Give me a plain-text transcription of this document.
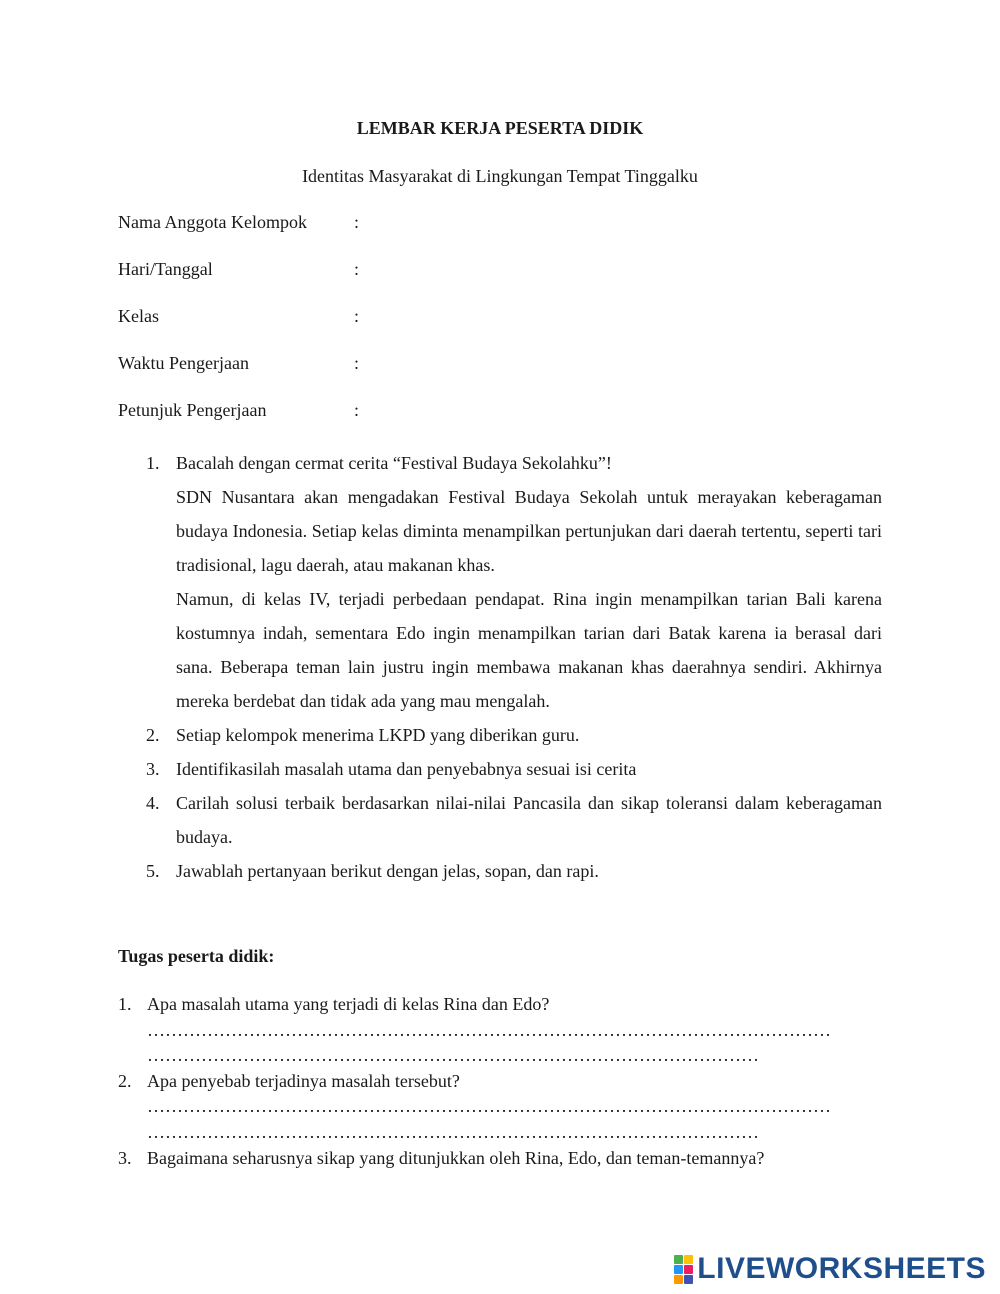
LEMBAR KERJA PESERTA DIDIK
Identitas Masyarakat di Lingkungan Tempat Tinggalku
Nama Anggota Kelompok	:
Hari/Tanggal	:
Kelas	:
Waktu Pengerjaan	:
Petunjuk Pengerjaan	:
1. Bacalah dengan cermat cerita “Festival Budaya Sekolahku”!

SDN Nusantara akan mengadakan Festival Budaya Sekolah untuk merayakan keberagaman budaya Indonesia. Setiap kelas diminta menampilkan pertunjukan dari daerah tertentu, seperti tari tradisional, lagu daerah, atau makanan khas.

Namun, di kelas IV, terjadi perbedaan pendapat. Rina ingin menampilkan tarian Bali karena kostumnya indah, sementara Edo ingin menampilkan tarian dari Batak karena ia berasal dari sana. Beberapa teman lain justru ingin membawa makanan khas daerahnya sendiri. Akhirnya mereka berdebat dan tidak ada yang mau mengalah.

2. Setiap kelompok menerima LKPD yang diberikan guru.

3. Identifikasilah masalah utama dan penyebabnya sesuai isi cerita

4. Carilah solusi terbaik berdasarkan nilai-nilai Pancasila dan sikap toleransi dalam keberagaman budaya.

5. Jawablah pertanyaan berikut dengan jelas, sopan, dan rapi.

Tugas peserta didik:
1. Apa masalah utama yang terjadi di kelas Rina dan Edo?
……………………………………………………………………………………………………
…………………………………………………………………………………………
2. Apa penyebab terjadinya masalah tersebut?
……………………………………………………………………………………………………
…………………………………………………………………………………………
3. Bagaimana seharusnya sikap yang ditunjukkan oleh Rina, Edo, dan teman-temannya?
LIVEWORKSHEETS
